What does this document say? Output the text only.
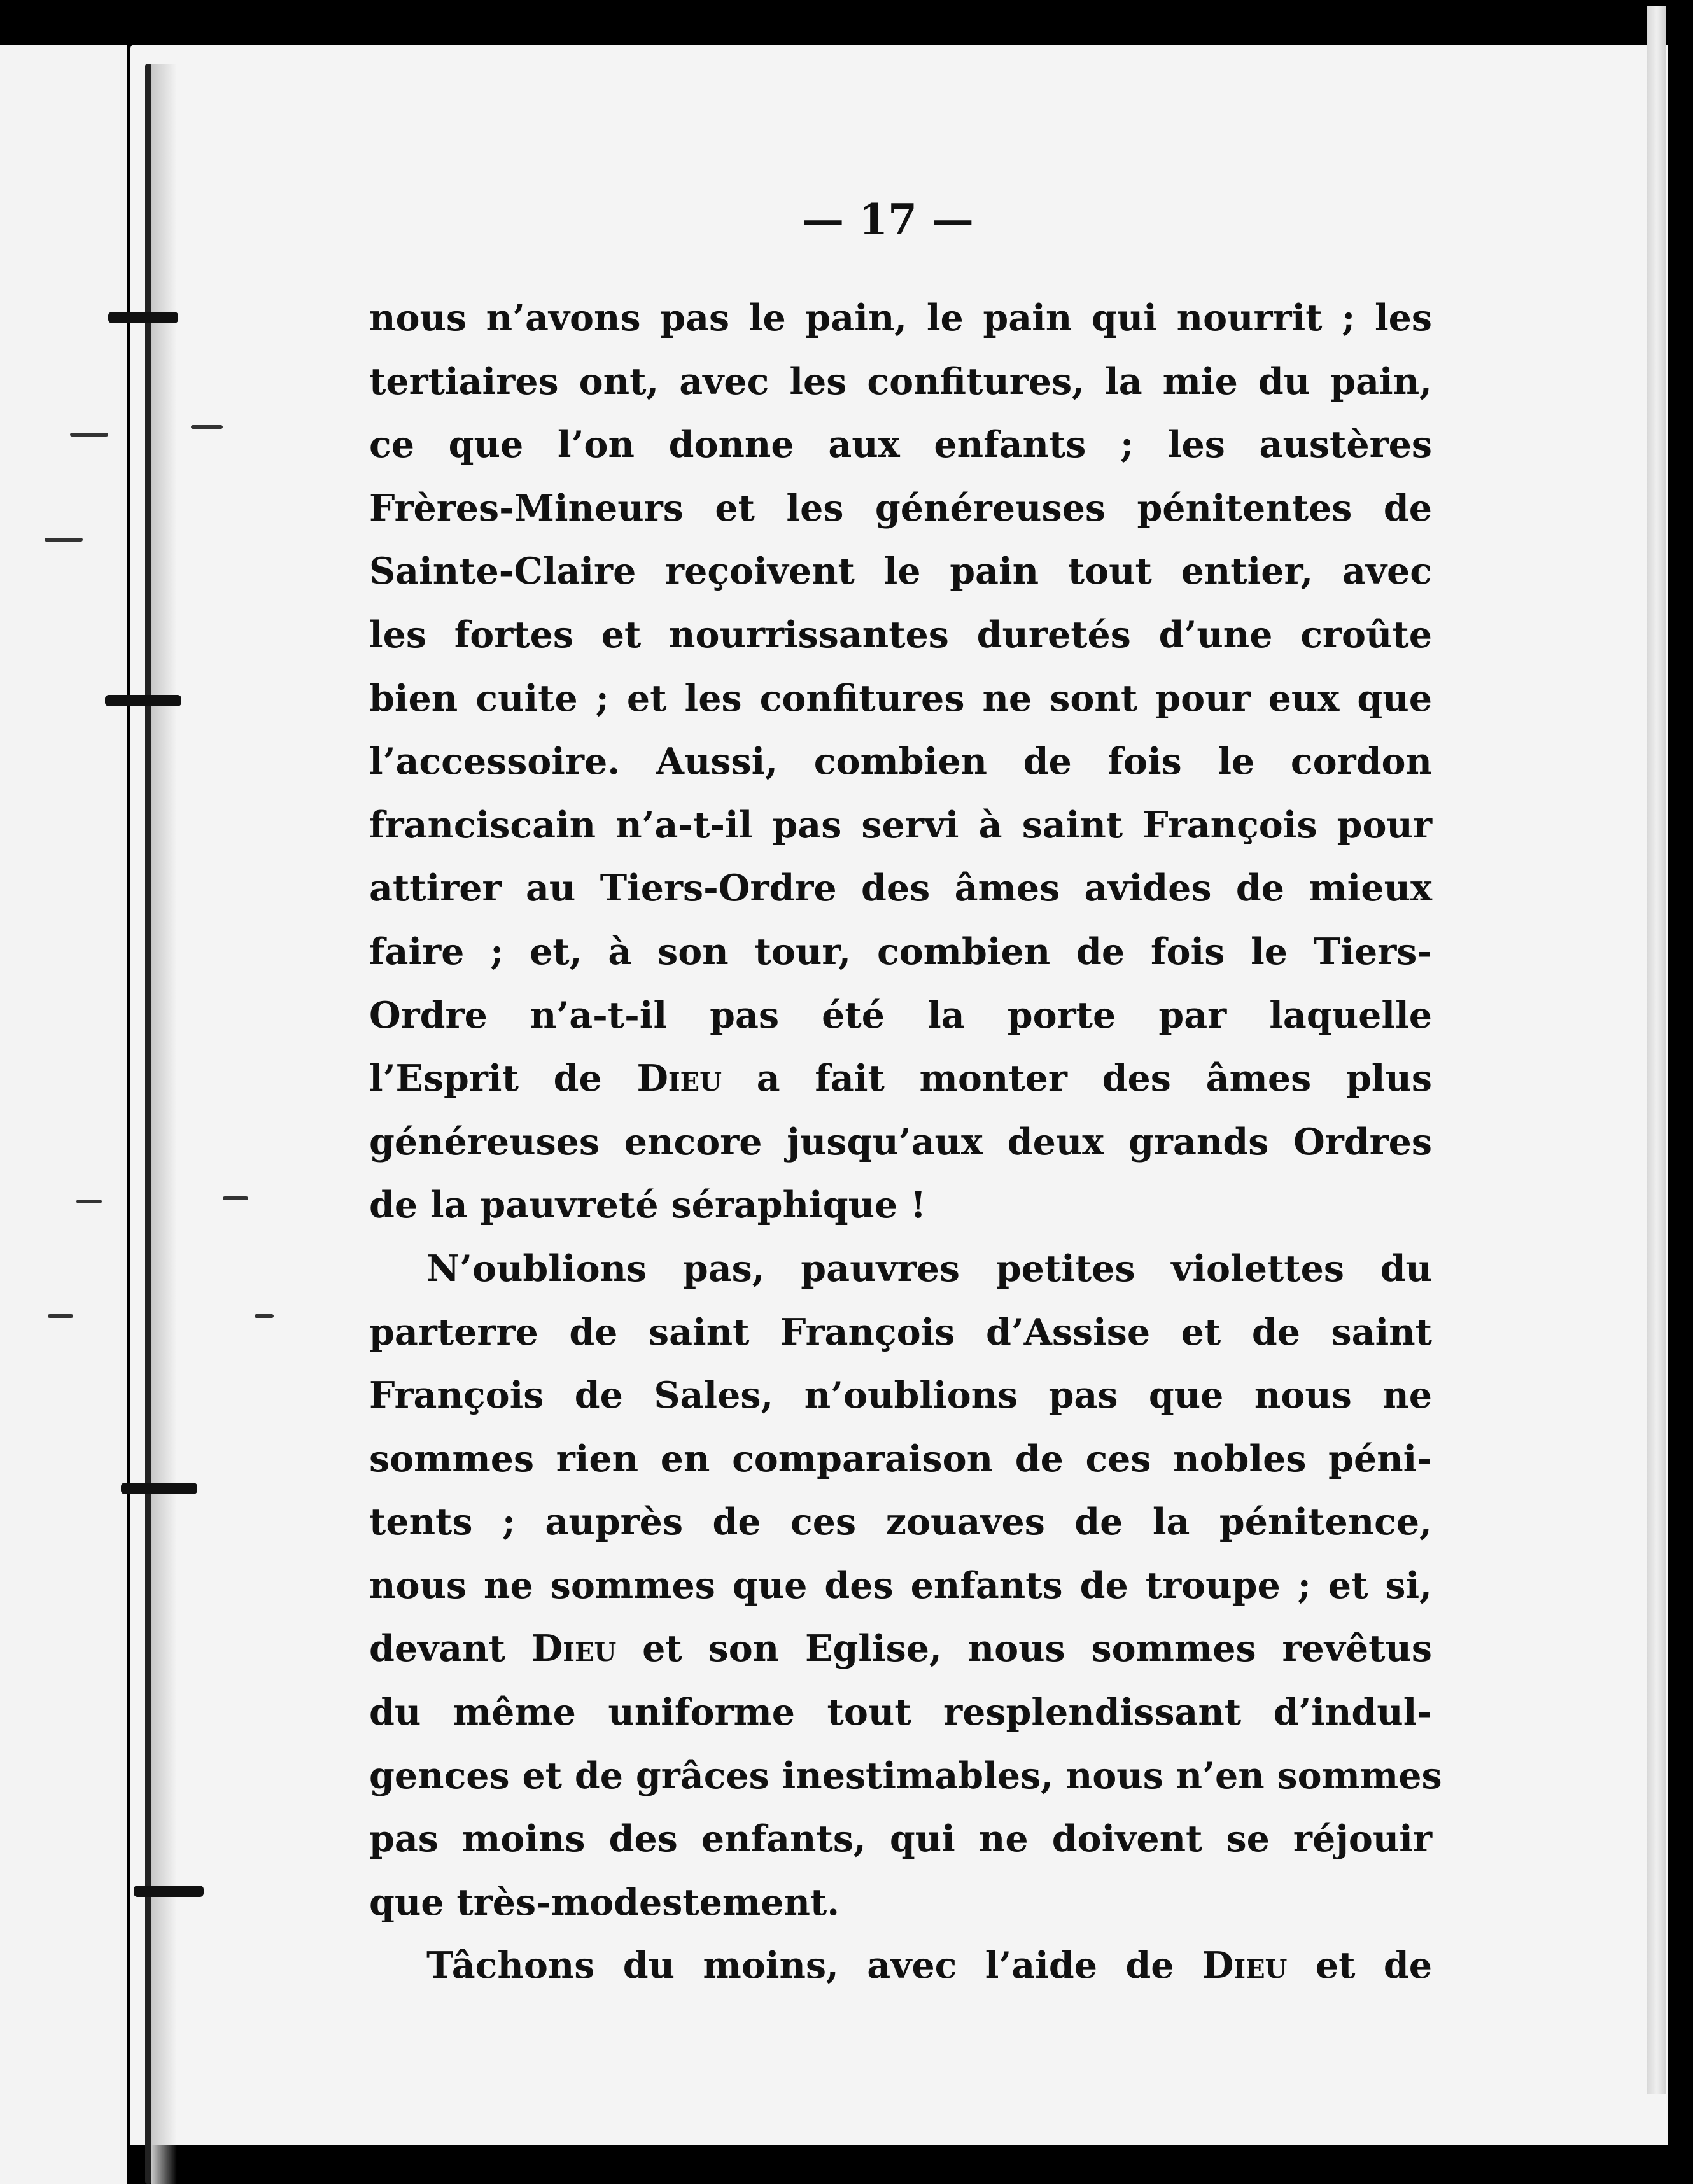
— 17 —
nous n’avons pas le pain, le pain qui nourrit ; les
tertiaires ont, avec les confitures, la mie du pain,
ce que l’on donne aux enfants ; les austères
Frères-Mineurs et les généreuses pénitentes de
Sainte-Claire reçoivent le pain tout entier, avec
les fortes et nourrissantes duretés d’une croûte
bien cuite ; et les confitures ne sont pour eux que
l’accessoire. Aussi, combien de fois le cordon
franciscain n’a-t-il pas servi à saint François pour
attirer au Tiers-Ordre des âmes avides de mieux
faire ; et, à son tour, combien de fois le Tiers-
Ordre n’a-t-il pas été la porte par laquelle
l’Esprit de Dieu a fait monter des âmes plus
généreuses encore jusqu’aux deux grands Ordres
de la pauvreté séraphique !
N’oublions pas, pauvres petites violettes du
parterre de saint François d’Assise et de saint
François de Sales, n’oublions pas que nous ne
sommes rien en comparaison de ces nobles péni-
tents ; auprès de ces zouaves de la pénitence,
nous ne sommes que des enfants de troupe ; et si,
devant Dieu et son Eglise, nous sommes revêtus
du même uniforme tout resplendissant d’indul-
gences et de grâces inestimables, nous n’en sommes
pas moins des enfants, qui ne doivent se réjouir
que très-modestement.
Tâchons du moins, avec l’aide de Dieu et de
